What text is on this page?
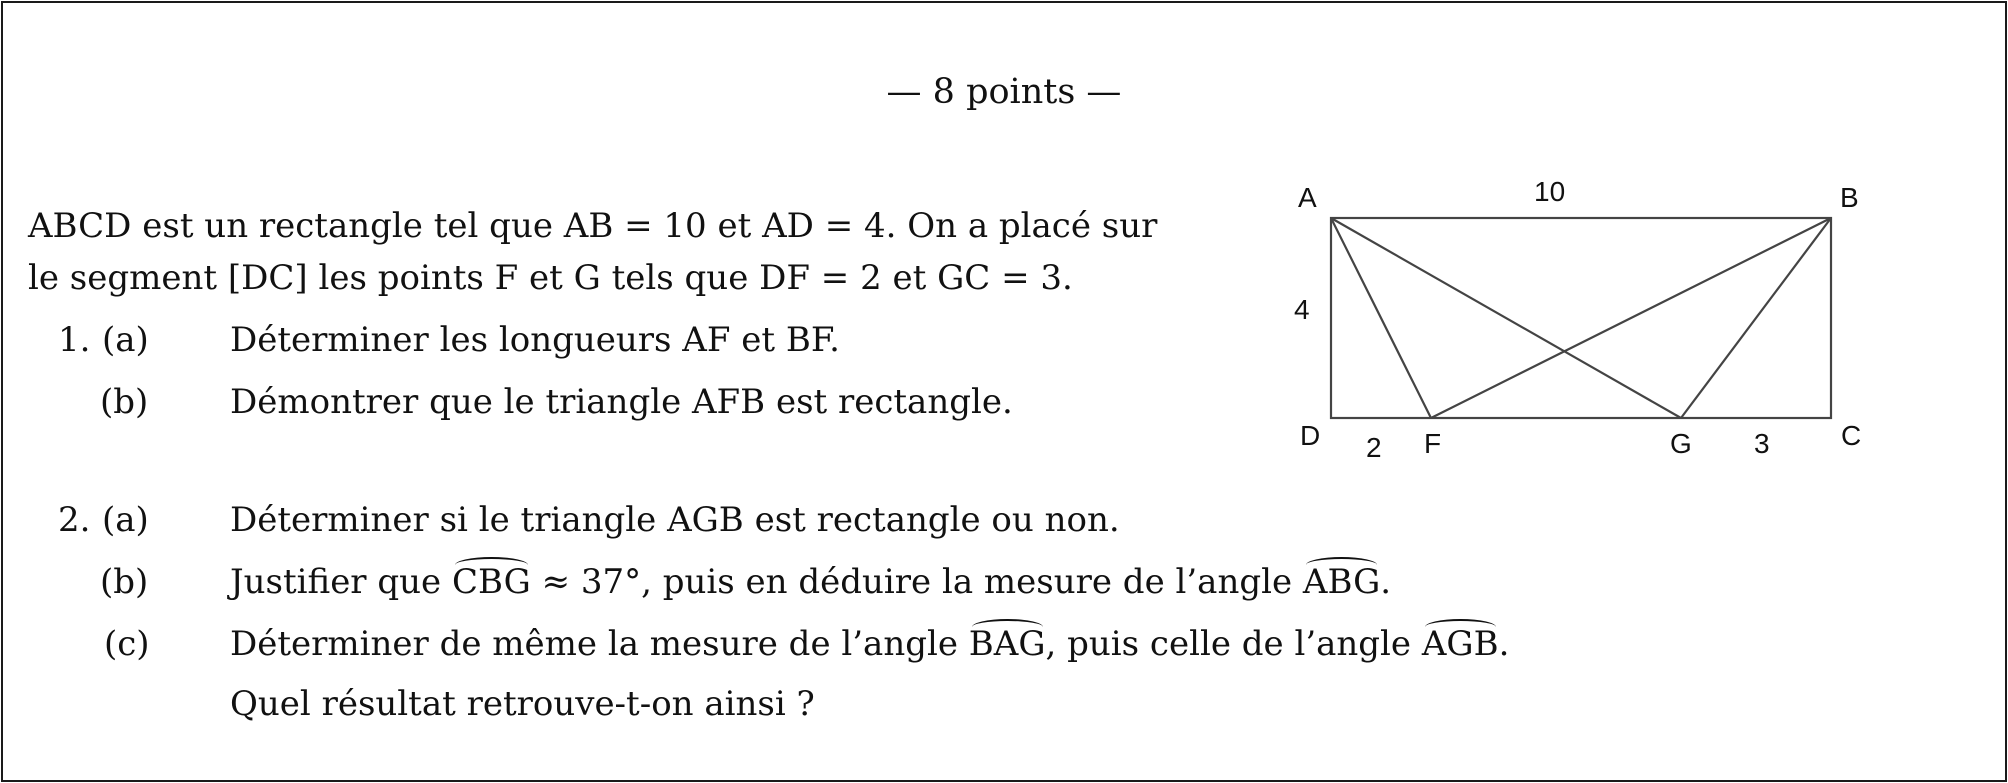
— 8 points —
ABCD est un rectangle tel que AB = 10 et AD = 4. On a placé sur
le segment [DC] les points F et G tels que DF = 2 et GC = 3.
1. (a) Déterminer les longueurs AF et BF.
(b) Démontrer que le triangle AFB est rectangle.
2. (a) Déterminer si le triangle AGB est rectangle ou non.
(b) Justifier que CBG ≈ 37°, puis en déduire la mesure de l’angle ABG.
(c) Déterminer de même la mesure de l’angle BAG, puis celle de l’angle AGB.
Quel résultat retrouve-t-on ainsi ?
A	B
C
D	F	G
10
4
2	3
